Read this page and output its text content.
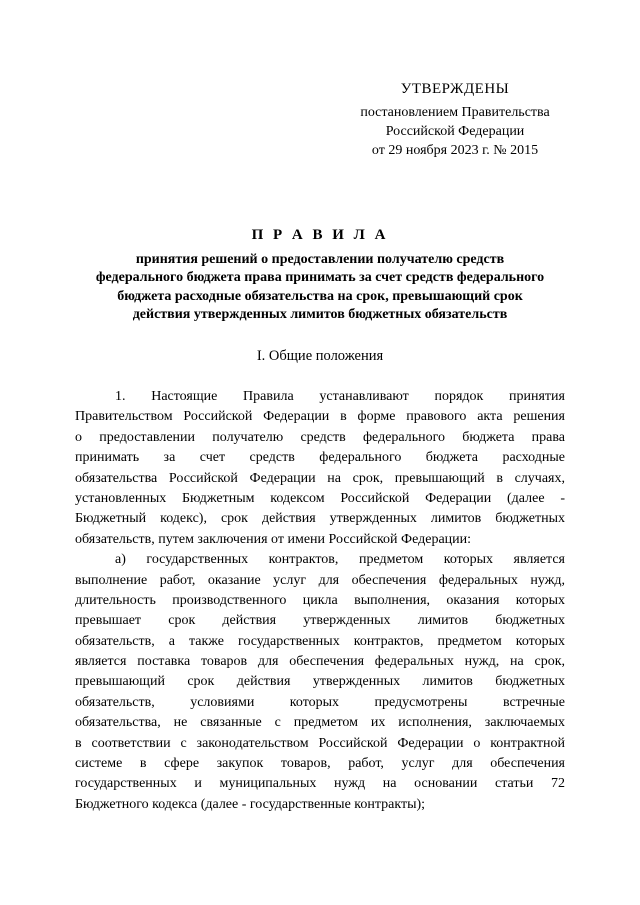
УТВЕРЖДЕНЫ
постановлением Правительства
Российской Федерации
от 29 ноября 2023 г. № 2015
П Р А В И Л А
принятия решений о предоставлении получателю средств
федерального бюджета права принимать за счет средств федерального
бюджета расходные обязательства на срок, превышающий срок
действия утвержденных лимитов бюджетных обязательств
I. Общие положения
1. Настоящие Правила устанавливают порядок принятия
Правительством Российской Федерации в форме правового акта решения
о предоставлении получателю средств федерального бюджета права
принимать за счет средств федерального бюджета расходные
обязательства Российской Федерации на срок, превышающий в случаях,
установленных Бюджетным кодексом Российской Федерации (далее -
Бюджетный кодекс), срок действия утвержденных лимитов бюджетных
обязательств, путем заключения от имени Российской Федерации:
а) государственных контрактов, предметом которых является
выполнение работ, оказание услуг для обеспечения федеральных нужд,
длительность производственного цикла выполнения, оказания которых
превышает срок действия утвержденных лимитов бюджетных
обязательств, а также государственных контрактов, предметом которых
является поставка товаров для обеспечения федеральных нужд, на срок,
превышающий срок действия утвержденных лимитов бюджетных
обязательств, условиями которых предусмотрены встречные
обязательства, не связанные с предметом их исполнения, заключаемых
в соответствии с законодательством Российской Федерации о контрактной
системе в сфере закупок товаров, работ, услуг для обеспечения
государственных и муниципальных нужд на основании статьи 72
Бюджетного кодекса (далее - государственные контракты);
